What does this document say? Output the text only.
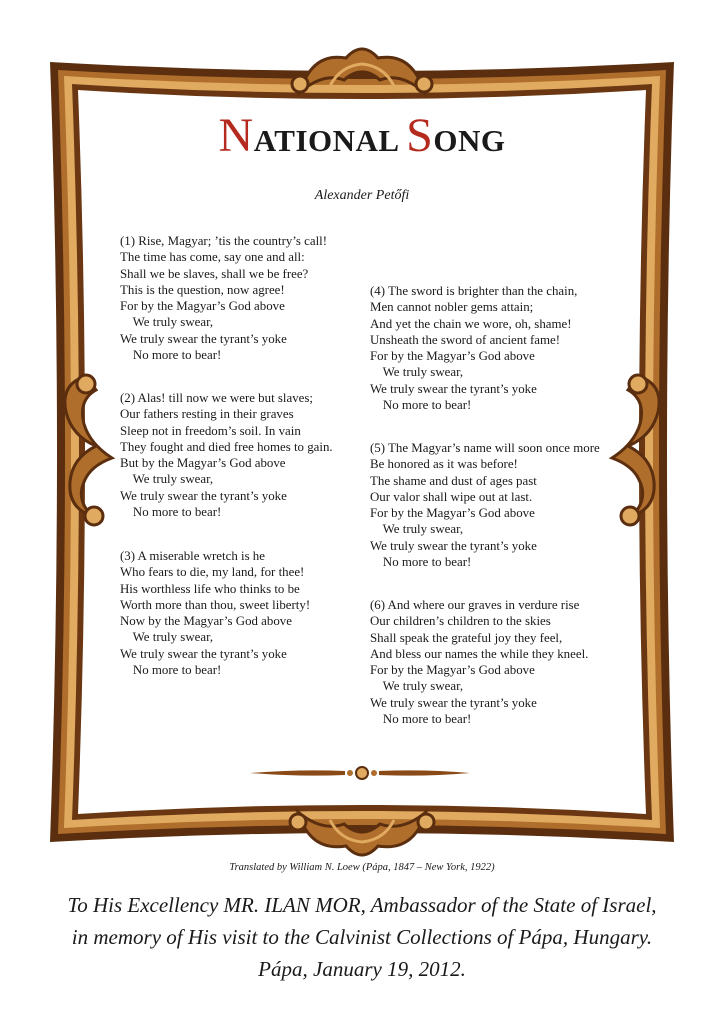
NATIONAL SONG
Alexander Petőfi
(1) Rise, Magyar; ’tis the country’s call!
The time has come, say one and all:
Shall we be slaves, shall we be free?
This is the question, now agree!
For by the Magyar’s God above
We truly swear,
We truly swear the tyrant’s yoke
No more to bear!
(2) Alas! till now we were but slaves;
Our fathers resting in their graves
Sleep not in freedom’s soil. In vain
They fought and died free homes to gain.
But by the Magyar’s God above
We truly swear,
We truly swear the tyrant’s yoke
No more to bear!
(3) A miserable wretch is he
Who fears to die, my land, for thee!
His worthless life who thinks to be
Worth more than thou, sweet liberty!
Now by the Magyar’s God above
We truly swear,
We truly swear the tyrant’s yoke
No more to bear!
(4) The sword is brighter than the chain,
Men cannot nobler gems attain;
And yet the chain we wore, oh, shame!
Unsheath the sword of ancient fame!
For by the Magyar’s God above
We truly swear,
We truly swear the tyrant’s yoke
No more to bear!
(5) The Magyar’s name will soon once more
Be honored as it was before!
The shame and dust of ages past
Our valor shall wipe out at last.
For by the Magyar’s God above
We truly swear,
We truly swear the tyrant’s yoke
No more to bear!
(6) And where our graves in verdure rise
Our children’s children to the skies
Shall speak the grateful joy they feel,
And bless our names the while they kneel.
For by the Magyar’s God above
We truly swear,
We truly swear the tyrant’s yoke
No more to bear!
Translated by William N. Loew (Pápa, 1847 – New York, 1922)
To His Excellency MR. ILAN MOR, Ambassador of the State of Israel,
in memory of His visit to the Calvinist Collections of Pápa, Hungary.
Pápa, January 19, 2012.
